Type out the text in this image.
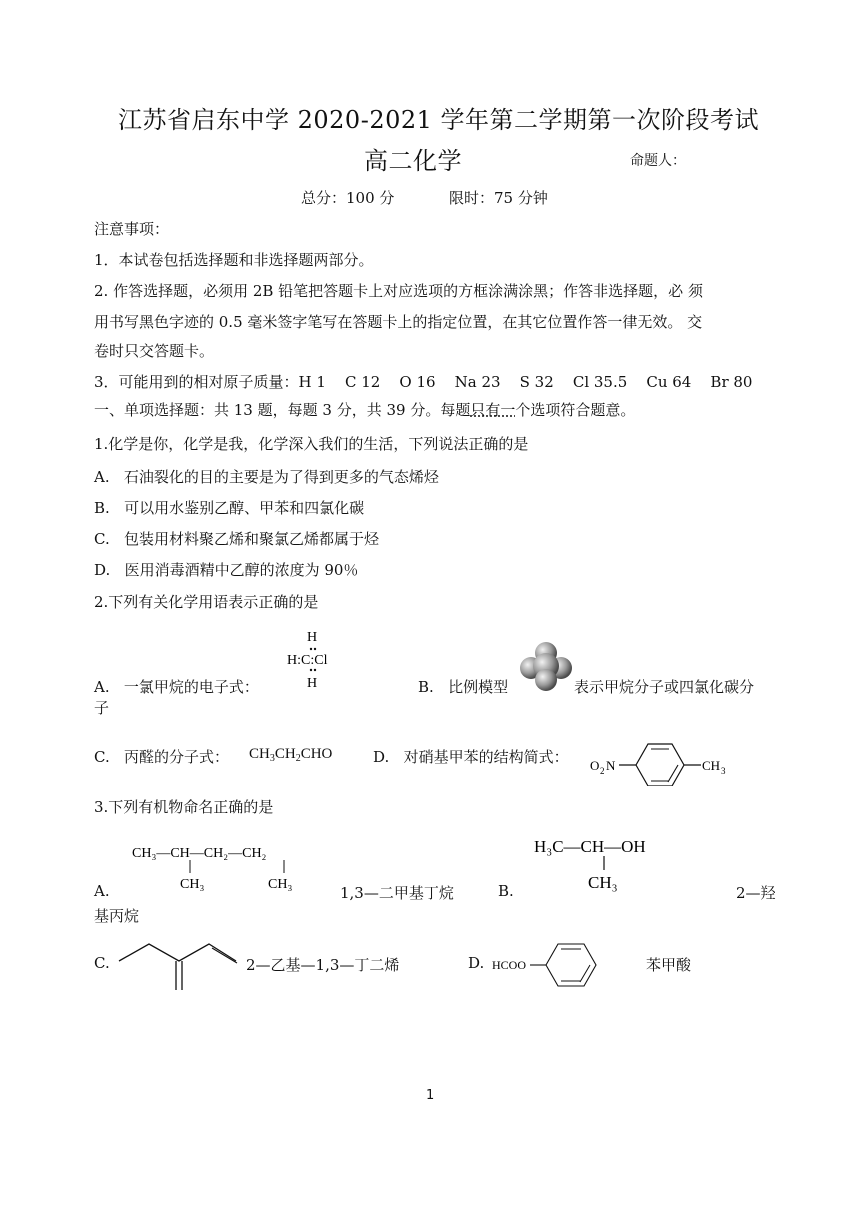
江苏省启东中学 2020-2021 学年第二学期第一次阶段考试
高二化学	命题人：
总分：100 分	限时：75 分钟
注意事项：
1．本试卷包括选择题和非选择题两部分。
2. 作答选择题，必须用 2B 铅笔把答题卡上对应选项的方框涂满涂黑；作答非选择题，必 须
用书写黑色字迹的 0.5 毫米签字笔写在答题卡上的指定位置，在其它位置作答一律无效。 交
卷时只交答题卡。
3．可能用到的相对原子质量：H 1    C 12    O 16    Na 23    S 32    Cl 35.5    Cu 64    Br 80
一、单项选择题：共 13 题，每题 3 分，共 39 分。每题只有一个选项符合题意。
1.化学是你，化学是我，化学深入我们的生活，下列说法正确的是
A.   石油裂化的目的主要是为了得到更多的气态烯烃
B.   可以用水鉴别乙醇、甲苯和四氯化碳
C.   包装用材料聚乙烯和聚氯乙烯都属于烃
D.   医用消毒酒精中乙醇的浓度为 90％
2.下列有关化学用语表示正确的是
A.   一氯甲烷的电子式：
H
H:C:Cl
H	B.   比例模型	表示甲烷分子或四氯化碳分
子
C.   丙醛的分子式： $CH_3CH_2CHO$	D.   对硝基甲苯的结构简式： O 2 N	CH 3
3.下列有机物命名正确的是
CH₃—CH—CH₂—CH₂
CH₃	CH₃
A.	1,3—二甲基丁烷	B.
H₃C—CH—OH
CH₃
2—羟
基丙烷
C.	2—乙基—1,3—丁二烯	D. HCOO	苯甲酸
1
